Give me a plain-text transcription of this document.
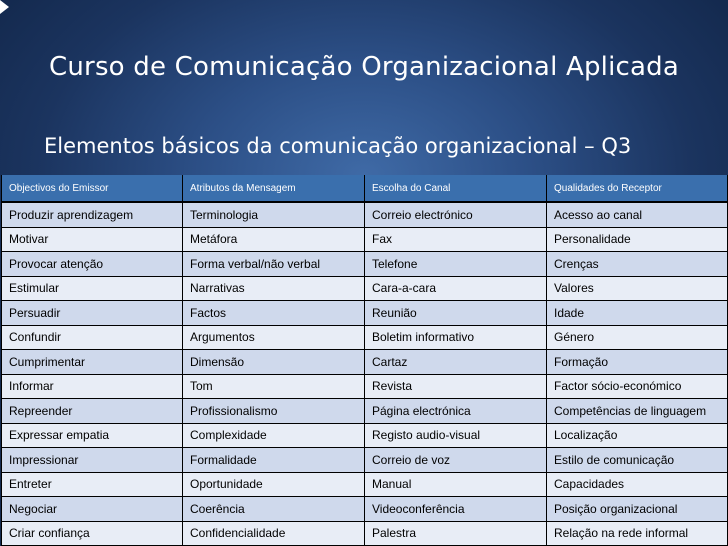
Curso de Comunicação Organizacional Aplicada
Elementos básicos da comunicação organizacional – Q3
Objectivos do Emissor	Atributos da Mensagem	Escolha do Canal	Qualidades do Receptor
Produzir aprendizagem	Terminologia	Correio electrónico	Acesso ao canal
Motivar	Metáfora	Fax	Personalidade
Provocar atenção	Forma verbal/não verbal	Telefone	Crenças
Estimular	Narrativas	Cara-a-cara	Valores
Persuadir	Factos	Reunião	Idade
Confundir	Argumentos	Boletim informativo	Género
Cumprimentar	Dimensão	Cartaz	Formação
Informar	Tom	Revista	Factor sócio-económico
Repreender	Profissionalismo	Página electrónica	Competências de linguagem
Expressar empatia	Complexidade	Registo audio-visual	Localização
Impressionar	Formalidade	Correio de voz	Estilo de comunicação
Entreter	Oportunidade	Manual	Capacidades
Negociar	Coerência	Videoconferência	Posição organizacional
Criar confiança	Confidencialidade	Palestra	Relação na rede informal
